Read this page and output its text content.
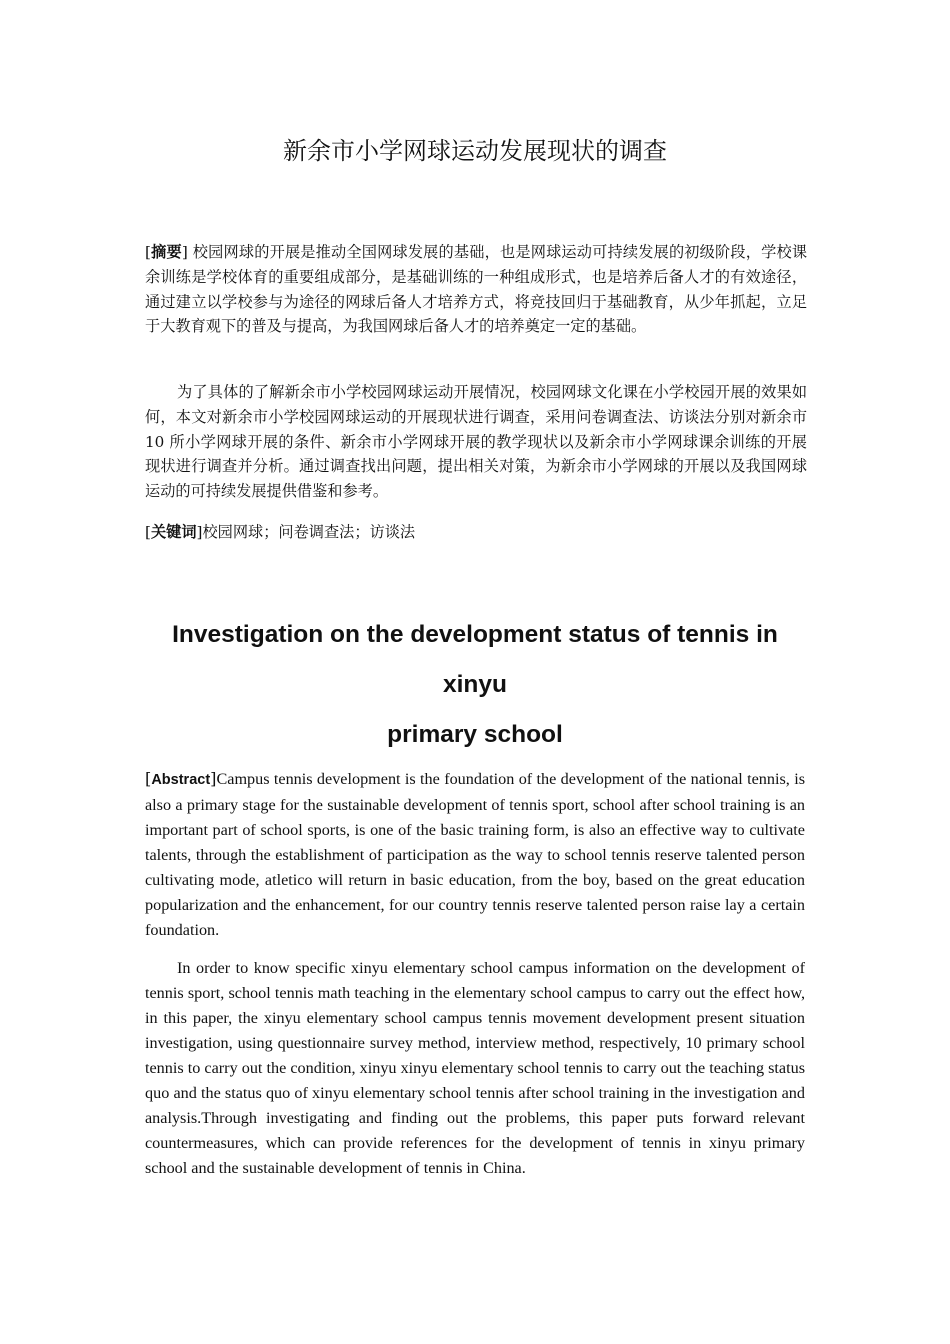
新余市小学网球运动发展现状的调查

[摘要] 校园网球的开展是推动全国网球发展的基础，也是网球运动可持续发展的初级阶段，学校课余训练是学校体育的重要组成部分，是基础训练的一种组成形式，也是培养后备人才的有效途径，通过建立以学校参与为途径的网球后备人才培养方式，将竞技回归于基础教育，从少年抓起，立足于大教育观下的普及与提高，为我国网球后备人才的培养奠定一定的基础。

为了具体的了解新余市小学校园网球运动开展情况，校园网球文化课在小学校园开展的效果如何，本文对新余市小学校园网球运动的开展现状进行调查，采用问卷调查法、访谈法分别对新余市 10 所小学网球开展的条件、新余市小学网球开展的教学现状以及新余市小学网球课余训练的开展现状进行调查并分析。通过调查找出问题，提出相关对策，为新余市小学网球的开展以及我国网球运动的可持续发展提供借鉴和参考。

[关键词]校园网球；问卷调查法；访谈法

Investigation on the development status of tennis in xinyu
primary school

[Abstract]Campus tennis development is the foundation of the development of the national tennis, is also a primary stage for the sustainable development of tennis sport, school after school training is an important part of school sports, is one of the basic training form, is also an effective way to cultivate talents, through the establishment of participation as the way to school tennis reserve talented person cultivating mode, atletico will return in basic education, from the boy, based on the great education popularization and the enhancement, for our country tennis reserve talented person raise lay a certain foundation.

In order to know specific xinyu elementary school campus information on the development of tennis sport, school tennis math teaching in the elementary school campus to carry out the effect how, in this paper, the xinyu elementary school campus tennis movement development present situation investigation, using questionnaire survey method, interview method, respectively, 10 primary school tennis to carry out the condition, xinyu xinyu elementary school tennis to carry out the teaching status quo and the status quo of xinyu elementary school tennis after school training in the investigation and analysis.Through investigating and finding out the problems, this paper puts forward relevant countermeasures, which can provide references for the development of tennis in xinyu primary school and the sustainable development of tennis in China.
